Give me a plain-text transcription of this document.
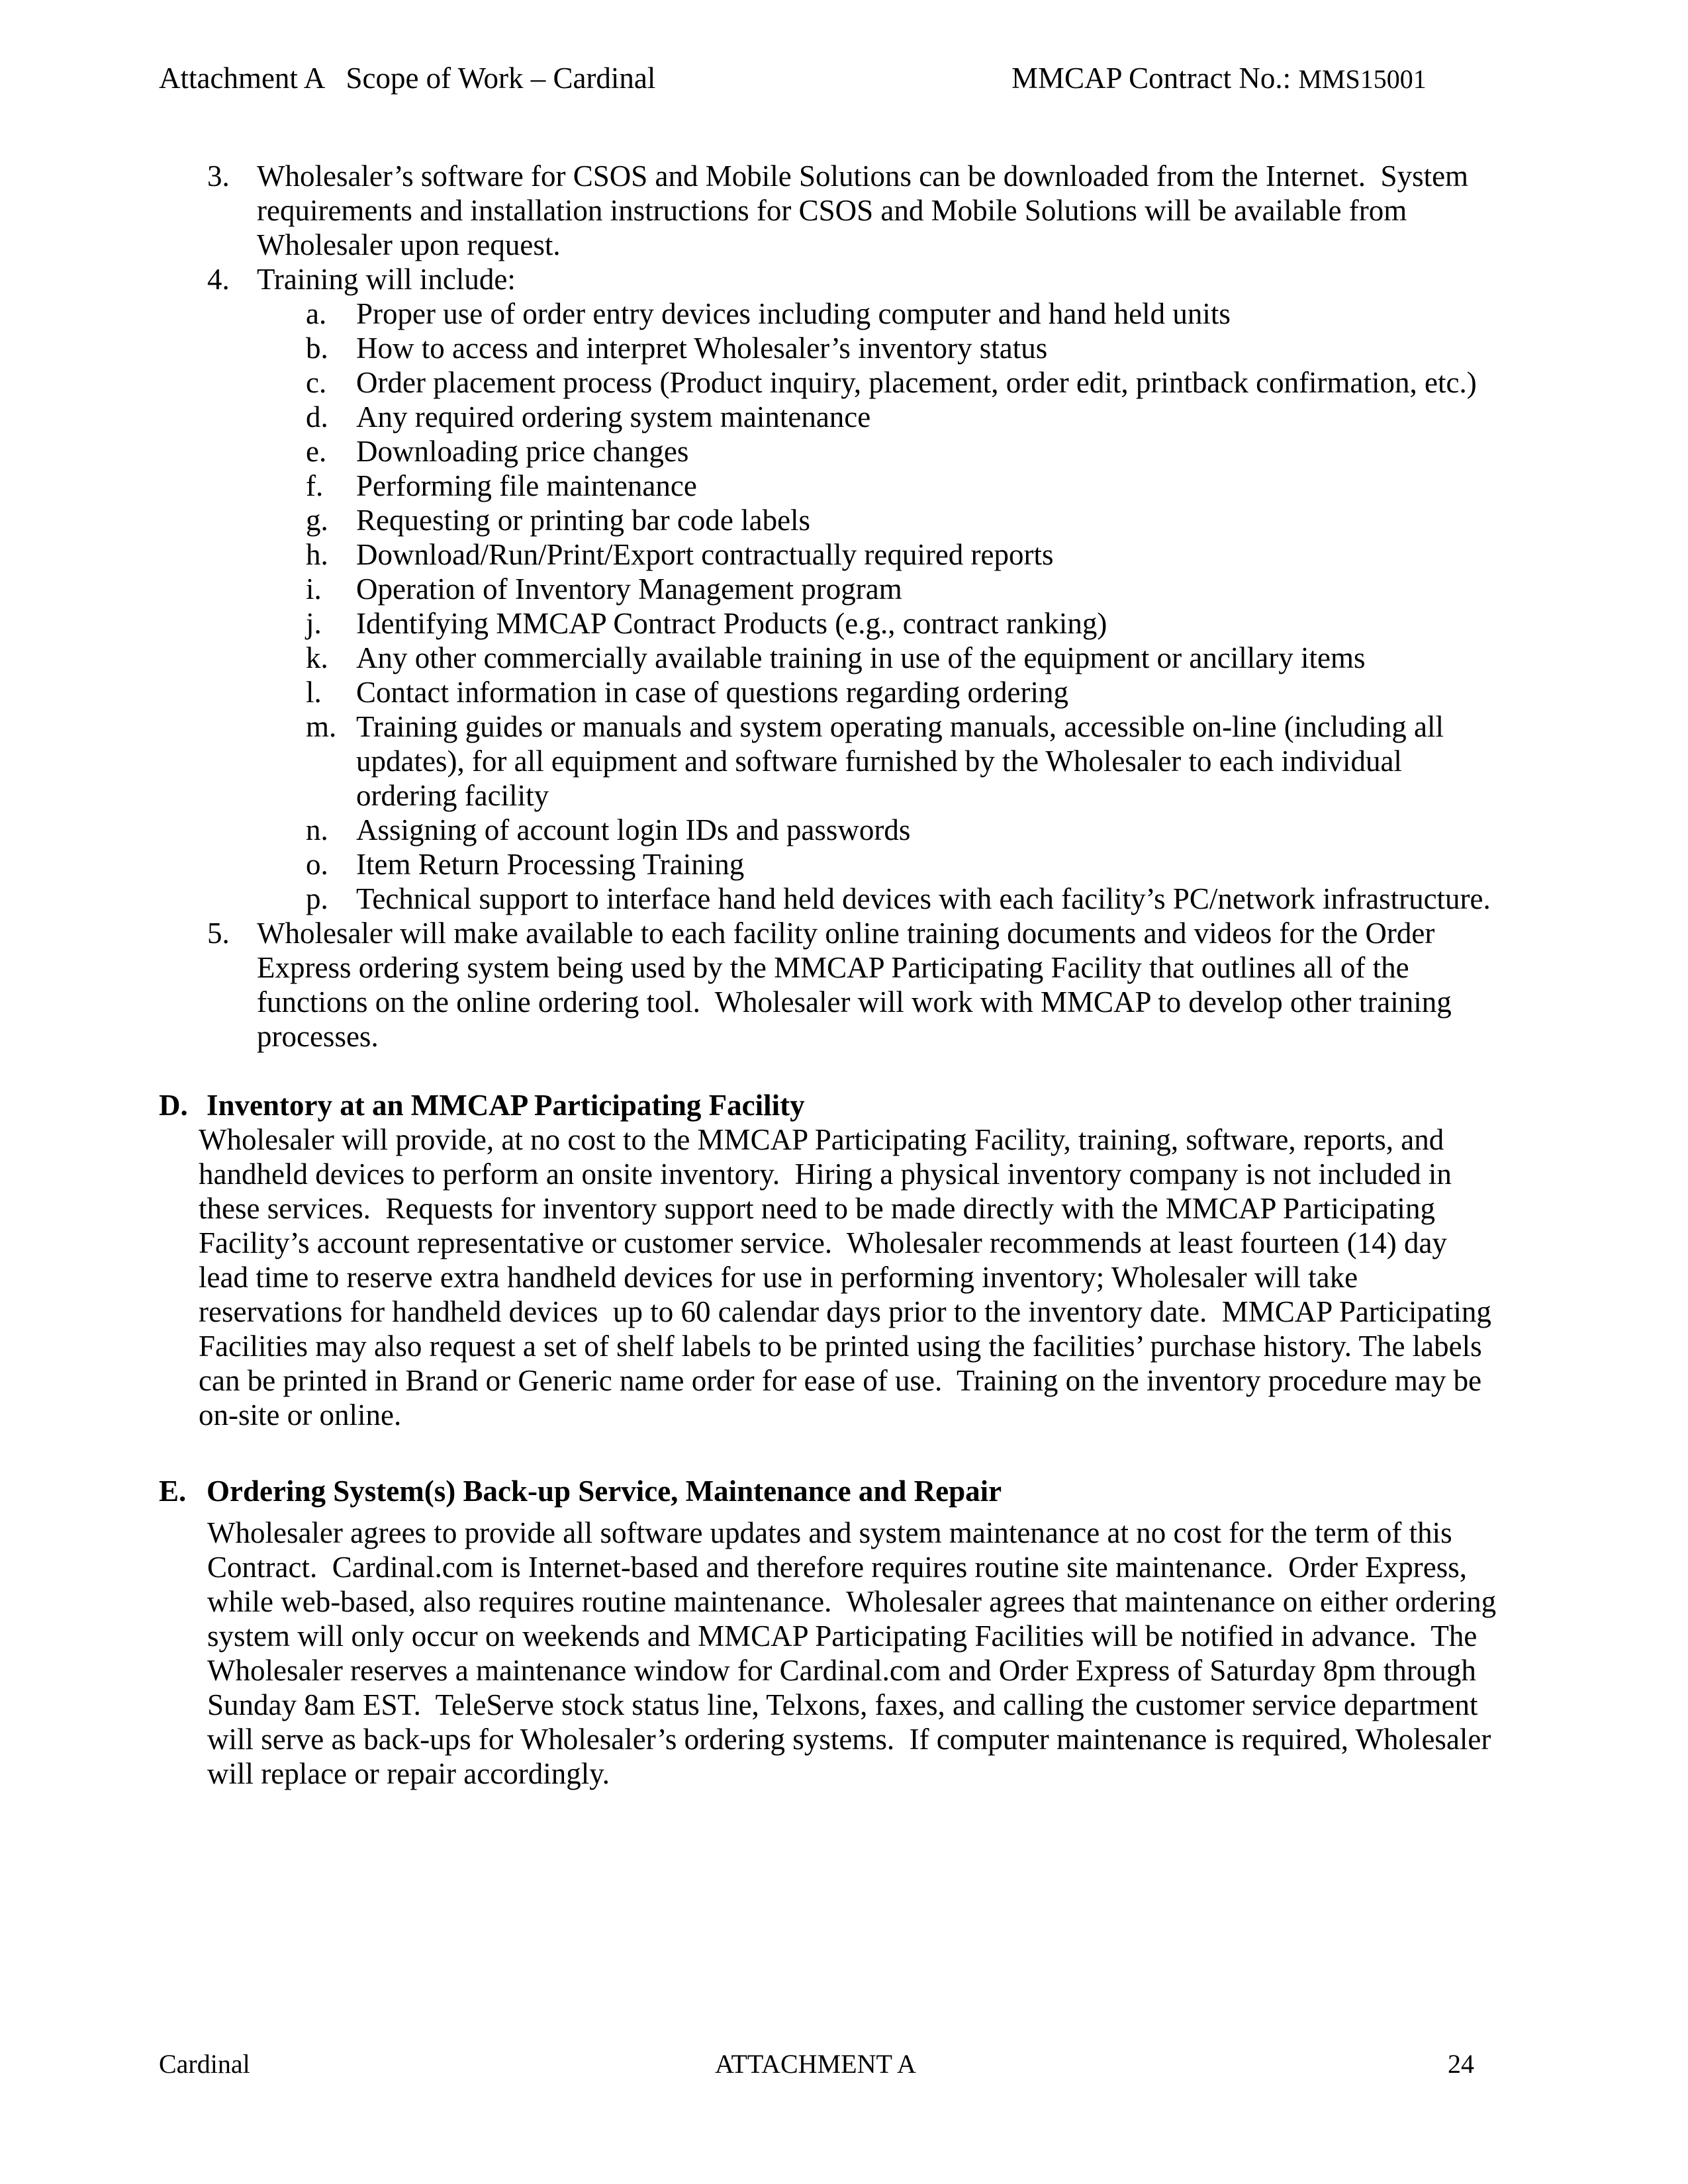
Attachment A   Scope of Work – Cardinal	MMCAP Contract No.: MMS15001
3. Wholesaler’s software for CSOS and Mobile Solutions can be downloaded from the Internet.  System
requirements and installation instructions for CSOS and Mobile Solutions will be available from
Wholesaler upon request.
4. Training will include:
a. Proper use of order entry devices including computer and hand held units
b. How to access and interpret Wholesaler’s inventory status
c. Order placement process (Product inquiry, placement, order edit, printback confirmation, etc.)
d. Any required ordering system maintenance
e. Downloading price changes
f. Performing file maintenance
g. Requesting or printing bar code labels
h. Download/Run/Print/Export contractually required reports
i. Operation of Inventory Management program
j. Identifying MMCAP Contract Products (e.g., contract ranking)
k. Any other commercially available training in use of the equipment or ancillary items
l. Contact information in case of questions regarding ordering
m. Training guides or manuals and system operating manuals, accessible on-line (including all
updates), for all equipment and software furnished by the Wholesaler to each individual
ordering facility
n. Assigning of account login IDs and passwords
o. Item Return Processing Training
p. Technical support to interface hand held devices with each facility’s PC/network infrastructure.
5. Wholesaler will make available to each facility online training documents and videos for the Order
Express ordering system being used by the MMCAP Participating Facility that outlines all of the
functions on the online ordering tool.  Wholesaler will work with MMCAP to develop other training
processes.
D. Inventory at an MMCAP Participating Facility
Wholesaler will provide, at no cost to the MMCAP Participating Facility, training, software, reports, and
handheld devices to perform an onsite inventory.  Hiring a physical inventory company is not included in
these services.  Requests for inventory support need to be made directly with the MMCAP Participating
Facility’s account representative or customer service.  Wholesaler recommends at least fourteen (14) day
lead time to reserve extra handheld devices for use in performing inventory; Wholesaler will take
reservations for handheld devices  up to 60 calendar days prior to the inventory date.  MMCAP Participating
Facilities may also request a set of shelf labels to be printed using the facilities’ purchase history. The labels
can be printed in Brand or Generic name order for ease of use.  Training on the inventory procedure may be
on-site or online.
E. Ordering System(s) Back-up Service, Maintenance and Repair
Wholesaler agrees to provide all software updates and system maintenance at no cost for the term of this
Contract.  Cardinal.com is Internet-based and therefore requires routine site maintenance.  Order Express,
while web-based, also requires routine maintenance.  Wholesaler agrees that maintenance on either ordering
system will only occur on weekends and MMCAP Participating Facilities will be notified in advance.  The
Wholesaler reserves a maintenance window for Cardinal.com and Order Express of Saturday 8pm through
Sunday 8am EST.  TeleServe stock status line, Telxons, faxes, and calling the customer service department
will serve as back-ups for Wholesaler’s ordering systems.  If computer maintenance is required, Wholesaler
will replace or repair accordingly.
Cardinal	ATTACHMENT A	24
